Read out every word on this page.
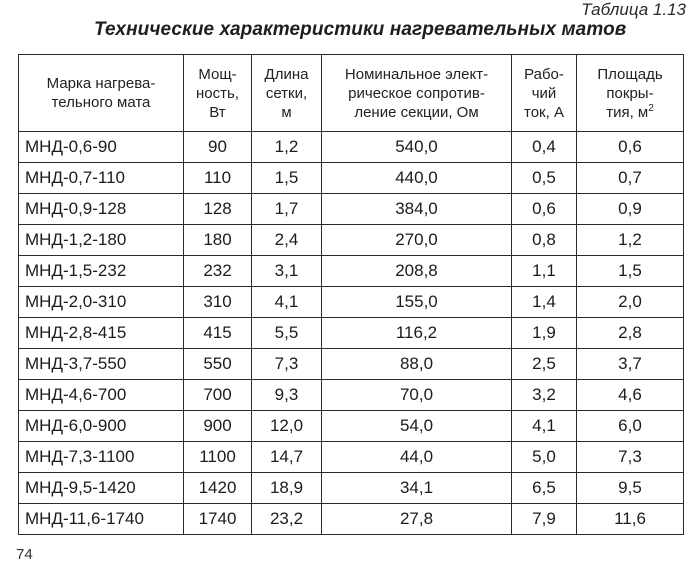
Таблица 1.13
Технические характеристики нагревательных матов
Марка нагрева-
тельного мата	Мощ-
ность,
Вт	Длина
сетки,
м	Номинальное элект-
рическое сопротив-
ление секции, Ом	Рабо-
чий
ток, А	Площадь
покры-
тия, $м^2$
МНД-0,6-90	90	1,2	540,0	0,4	0,6
МНД-0,7-110	110	1,5	440,0	0,5	0,7
МНД-0,9-128	128	1,7	384,0	0,6	0,9
МНД-1,2-180	180	2,4	270,0	0,8	1,2
МНД-1,5-232	232	3,1	208,8	1,1	1,5
МНД-2,0-310	310	4,1	155,0	1,4	2,0
МНД-2,8-415	415	5,5	116,2	1,9	2,8
МНД-3,7-550	550	7,3	88,0	2,5	3,7
МНД-4,6-700	700	9,3	70,0	3,2	4,6
МНД-6,0-900	900	12,0	54,0	4,1	6,0
МНД-7,3-1100	1100	14,7	44,0	5,0	7,3
МНД-9,5-1420	1420	18,9	34,1	6,5	9,5
МНД-11,6-1740	1740	23,2	27,8	7,9	11,6
74
